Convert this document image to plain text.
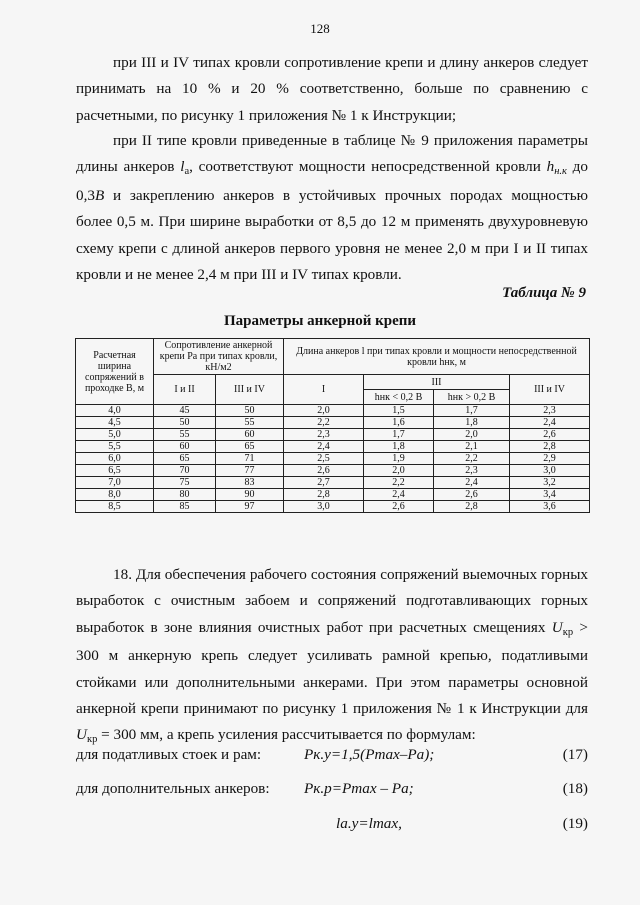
128

при III и IV типах кровли сопротивление крепи и длину анкеров следует принимать на 10 % и 20 % соответственно, больше по сравнению с расчетными, по рисунку 1 приложения № 1 к Инструкции;

при II типе кровли приведенные в таблице № 9 приложения параметры длины анкеров la, соответствуют мощности непосредственной кровли hн.к до 0,3B и закреплению анкеров в устойчивых прочных породах мощностью более 0,5 м. При ширине выработки от 8,5 до 12 м применять двухуровневую схему крепи с длиной анкеров первого уровня не менее 2,0 м при I и II типах кровли и не менее 2,4 м при III и IV типах кровли.

Таблица № 9
Параметры анкерной крепи
Расчетная ширина сопряжений в проходке В, м	Сопротивление анкерной крепи Pa при типах кровли, кН/м2		Длина анкеров l при типах кровли и мощности непосредственной кровли hнк, м			
	I и II	III и IV	I	III		III и IV
				hнк < 0,2 В	hнк > 0,2 В	
4,0	45	50	2,0	1,5	1,7	2,3
4,5	50	55	2,2	1,6	1,8	2,4
5,0	55	60	2,3	1,7	2,0	2,6
5,5	60	65	2,4	1,8	2,1	2,8
6,0	65	71	2,5	1,9	2,2	2,9
6,5	70	77	2,6	2,0	2,3	3,0
7,0	75	83	2,7	2,2	2,4	3,2
8,0	80	90	2,8	2,4	2,6	3,4
8,5	85	97	3,0	2,6	2,8	3,6

18. Для обеспечения рабочего состояния сопряжений выемочных горных выработок с очистным забоем и сопряжений подготавливающих горных выработок в зоне влияния очистных работ при расчетных смещениях Uкр > 300 м анкерную крепь следует усиливать рамной крепью, податливыми стойками или дополнительными анкерами. При этом параметры основной анкерной крепи принимают по рисунку 1 приложения № 1 к Инструкции для Uкр = 300 мм, а крепь усиления рассчитывается по формулам:

для податливых стоек и рам:	Pк.у=1,5(Pmax–Pa);	(17)
для дополнительных анкеров: Pк.р=Pmax – Pa;	(18)
lа.у=lmax,	(19)
